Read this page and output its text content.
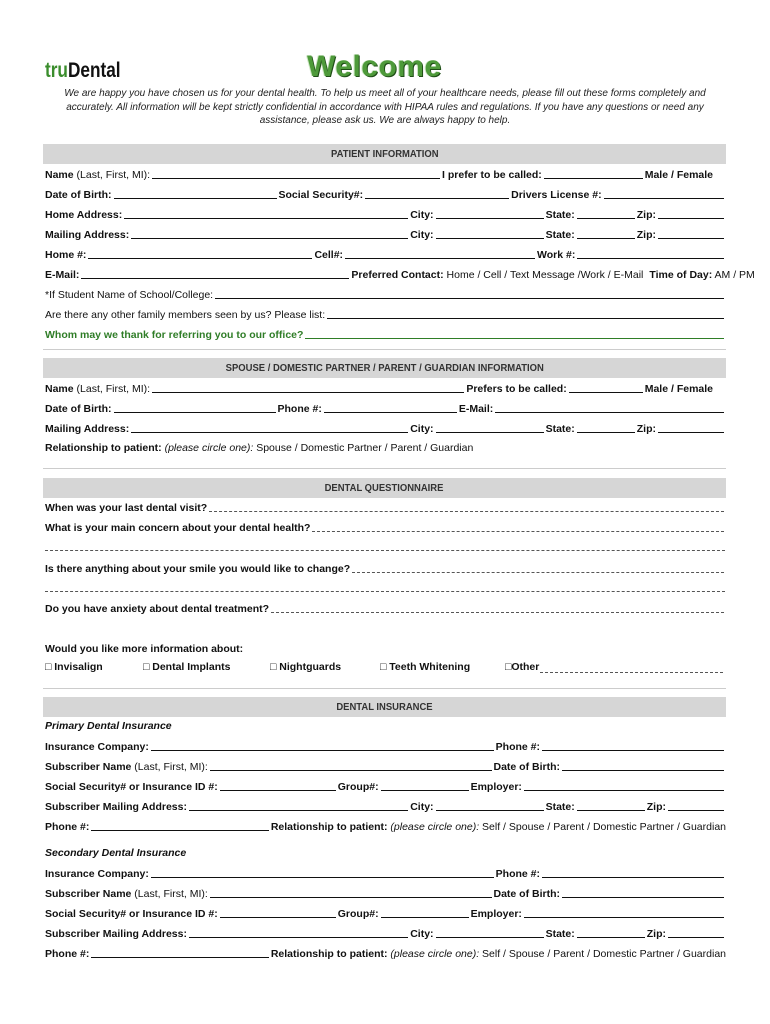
truDental	Welcome
We are happy you have chosen us for your dental health. To help us meet all of your healthcare needs, please fill out these forms completely and accurately. All information will be kept strictly confidential in accordance with HIPAA rules and regulations. If you have any questions or need any assistance, please ask us. We are always happy to help.
PATIENT INFORMATION
Name (Last, First, MI):	I prefer to be called:	Male / Female
Date of Birth:	Social Security#:	Drivers License #:
Home Address:	City:	State:	Zip:
Mailing Address:	City:	State:	Zip:
Home #:	Cell#:	Work #:
E-Mail:	Preferred Contact: Home / Cell / Text Message /Work / E-Mail Time of Day: AM / PM
*If Student Name of School/College:
Are there any other family members seen by us? Please list:
Whom may we thank for referring you to our office?
SPOUSE / DOMESTIC PARTNER / PARENT / GUARDIAN INFORMATION
Name (Last, First, MI):	Prefers to be called:	Male / Female
Date of Birth:	Phone #:	E-Mail:
Mailing Address:	City:	State:	Zip:
Relationship to patient: (please circle one): Spouse / Domestic Partner / Parent / Guardian
DENTAL QUESTIONNAIRE
When was your last dental visit?
What is your main concern about your dental health?
Is there anything about your smile you would like to change?
Do you have anxiety about dental treatment?
Would you like more information about:
□ Invisalign	□ Dental Implants	□ Nightguards	□ Teeth Whitening	□Other
DENTAL INSURANCE
Primary Dental Insurance
Insurance Company:	Phone #:
Subscriber Name (Last, First, MI):	Date of Birth:
Social Security# or Insurance ID #:	Group#:	Employer:
Subscriber Mailing Address:	City:	State:	Zip:
Phone #:	Relationship to patient: (please circle one): Self / Spouse / Parent / Domestic Partner / Guardian
Secondary Dental Insurance
Insurance Company:	Phone #:
Subscriber Name (Last, First, MI):	Date of Birth:
Social Security# or Insurance ID #:	Group#:	Employer:
Subscriber Mailing Address:	City:	State:	Zip:
Phone #:	Relationship to patient: (please circle one): Self / Spouse / Parent / Domestic Partner / Guardian
